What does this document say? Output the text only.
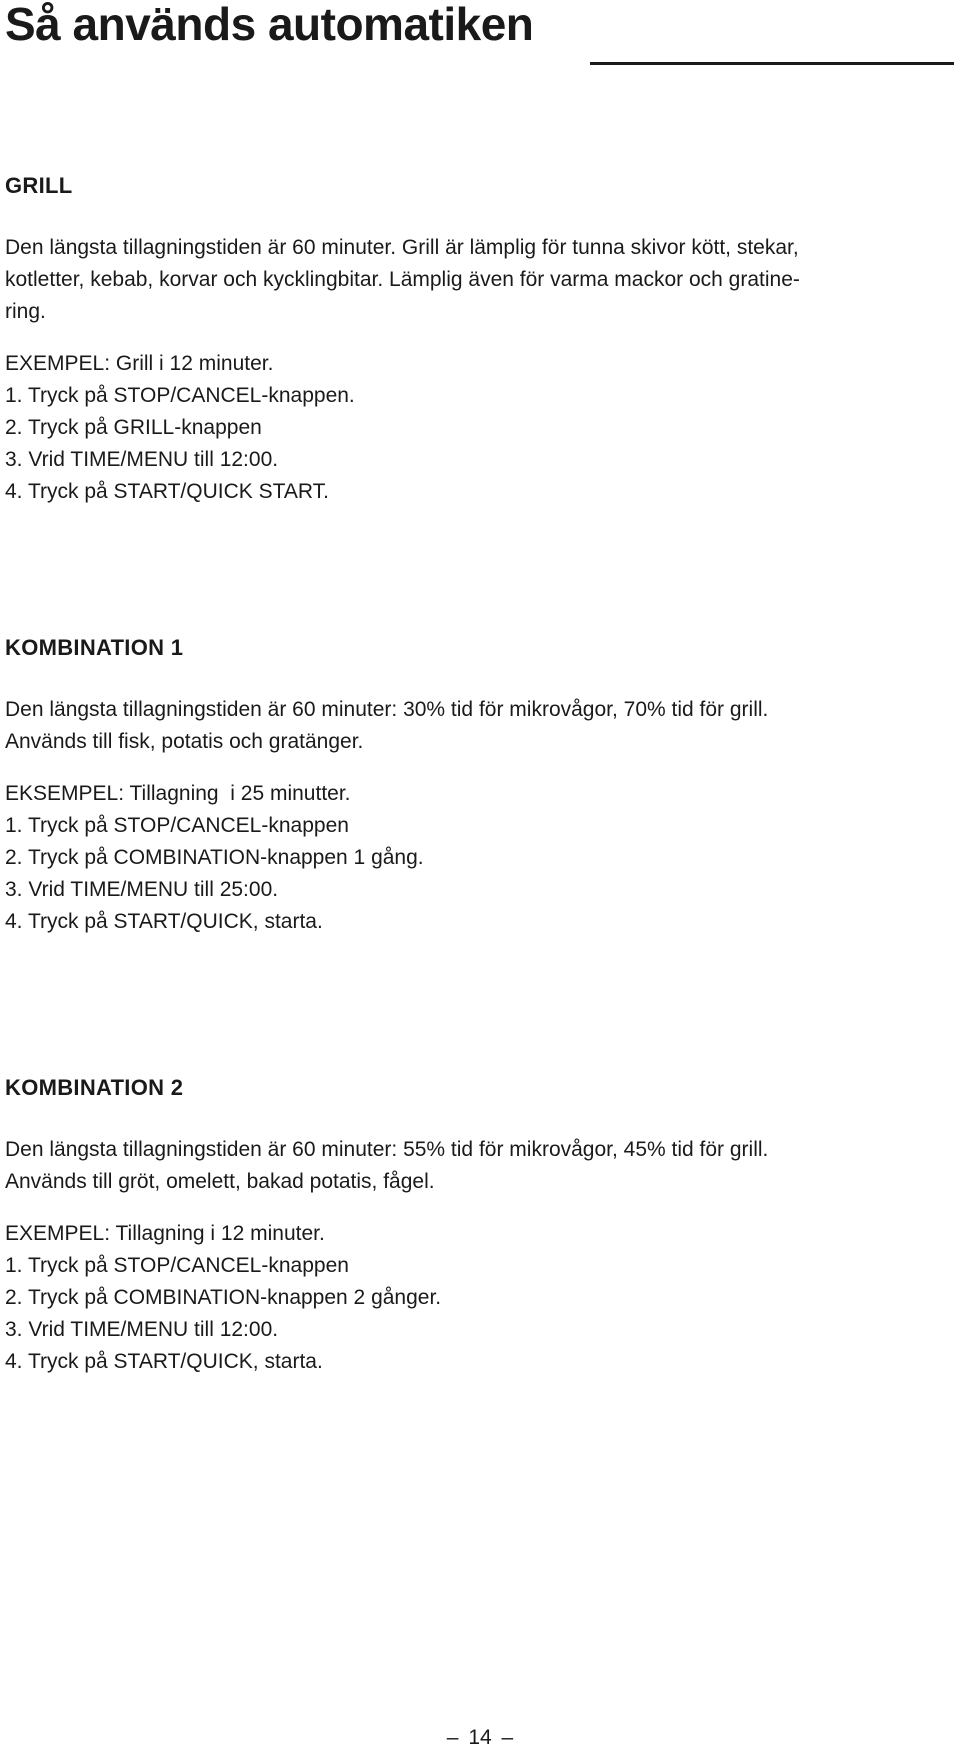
Så används automatiken
GRILL

Den längsta tillagningstiden är 60 minuter. Grill är lämplig för tunna skivor kött, stekar,

kotletter, kebab, korvar och kycklingbitar. Lämplig även för varma mackor och gratine-

ring.

EXEMPEL: Grill i 12 minuter.

1. Tryck på STOP/CANCEL-knappen.

2. Tryck på GRILL-knappen

3. Vrid TIME/MENU till 12:00.

4. Tryck på START/QUICK START.

KOMBINATION 1

Den längsta tillagningstiden är 60 minuter: 30% tid för mikrovågor, 70% tid för grill.

Används till fisk, potatis och gratänger.

EKSEMPEL: Tillagning  i 25 minutter.

1. Tryck på STOP/CANCEL-knappen

2. Tryck på COMBINATION-knappen 1 gång.

3. Vrid TIME/MENU till 25:00.

4. Tryck på START/QUICK, starta.

KOMBINATION 2

Den längsta tillagningstiden är 60 minuter: 55% tid för mikrovågor, 45% tid för grill.

Används till gröt, omelett, bakad potatis, fågel.

EXEMPEL: Tillagning i 12 minuter.

1. Tryck på STOP/CANCEL-knappen

2. Tryck på COMBINATION-knappen 2 gånger.

3. Vrid TIME/MENU till 12:00.

4. Tryck på START/QUICK, starta.

– 14 –
